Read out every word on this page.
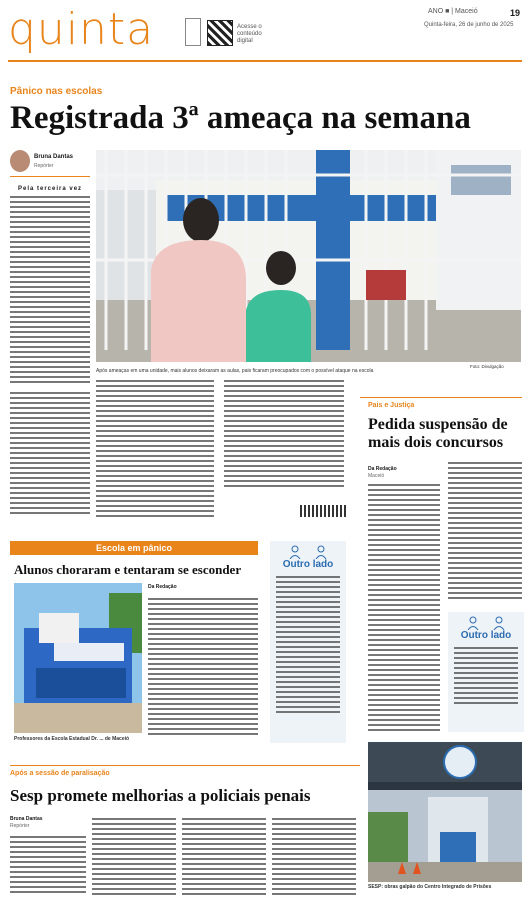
quinta	Acesse o conteúdo digital
ANO ■ | Maceió	19
Quinta-feira, 26 de junho de 2025
Pânico nas escolas
Registrada 3ª ameaça na semana
Bruna Dantas
Repórter
Pela terceira vez
Foto: Divulgação
Após ameaças em uma unidade, mais alunos deixaram as aulas, pais ficaram preocupados com o possível ataque na escola
Pais e Justiça
Pedida suspensão de mais dois concursos
Da Redação
Maceió
Outro lado
Escola em pânico
Alunos choraram e tentaram se esconder
Professores da Escola Estadual Dr. ... de Maceió
Da Redação
Outro lado
Após a sessão de paralisação
Sesp promete melhorias a policiais penais
Bruna Dantas
Repórter
SESP: obras galpão do Centro Integrado de Prisões
